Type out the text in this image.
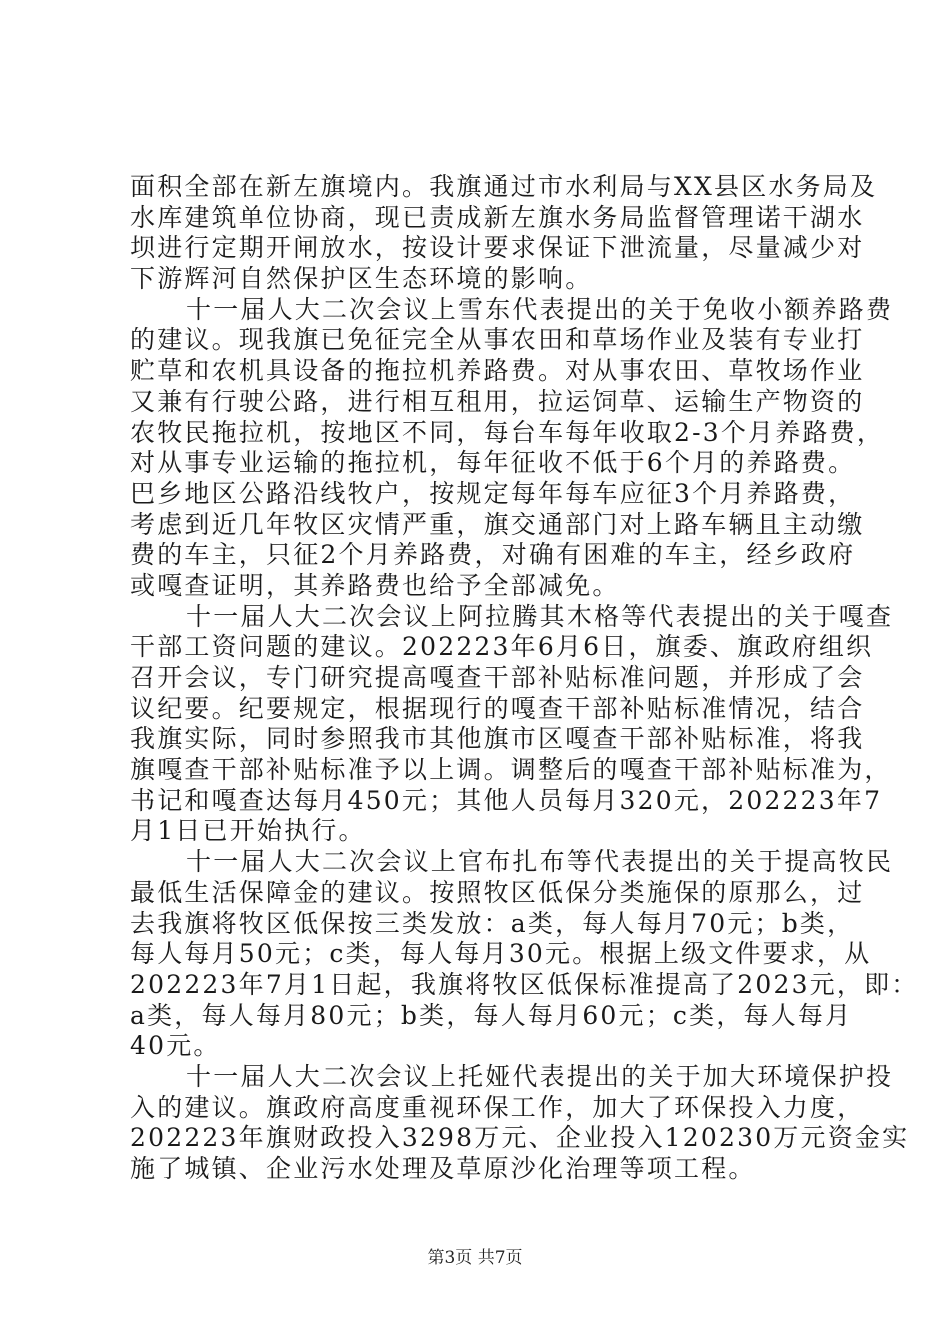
面积全部在新左旗境内。我旗通过市水利局与XX县区水务局及
水库建筑单位协商，现已责成新左旗水务局监督管理诺干湖水
坝进行定期开闸放水，按设计要求保证下泄流量，尽量减少对
下游辉河自然保护区生态环境的影响。
十一届人大二次会议上雪东代表提出的关于免收小额养路费
的建议。现我旗已免征完全从事农田和草场作业及装有专业打
贮草和农机具设备的拖拉机养路费。对从事农田、草牧场作业
又兼有行驶公路，进行相互租用，拉运饲草、运输生产物资的
农牧民拖拉机，按地区不同，每台车每年收取2-3个月养路费，
对从事专业运输的拖拉机，每年征收不低于6个月的养路费。
巴乡地区公路沿线牧户，按规定每年每车应征3个月养路费，
考虑到近几年牧区灾情严重，旗交通部门对上路车辆且主动缴
费的车主，只征2个月养路费，对确有困难的车主，经乡政府
或嘎查证明，其养路费也给予全部减免。
十一届人大二次会议上阿拉腾其木格等代表提出的关于嘎查
干部工资问题的建议。202223年6月6日，旗委、旗政府组织
召开会议，专门研究提高嘎查干部补贴标准问题，并形成了会
议纪要。纪要规定，根据现行的嘎查干部补贴标准情况，结合
我旗实际，同时参照我市其他旗市区嘎查干部补贴标准，将我
旗嘎查干部补贴标准予以上调。调整后的嘎查干部补贴标准为，
书记和嘎查达每月450元；其他人员每月320元，202223年7
月1日已开始执行。
十一届人大二次会议上官布扎布等代表提出的关于提高牧民
最低生活保障金的建议。按照牧区低保分类施保的原那么，过
去我旗将牧区低保按三类发放：a类，每人每月70元；b类，
每人每月50元；c类，每人每月30元。根据上级文件要求，从
202223年7月1日起，我旗将牧区低保标准提高了2023元，即：
a类，每人每月80元；b类，每人每月60元；c类，每人每月
40元。
十一届人大二次会议上托娅代表提出的关于加大环境保护投
入的建议。旗政府高度重视环保工作，加大了环保投入力度，
202223年旗财政投入3298万元、企业投入120230万元资金实
施了城镇、企业污水处理及草原沙化治理等项工程。
第3页 共7页
